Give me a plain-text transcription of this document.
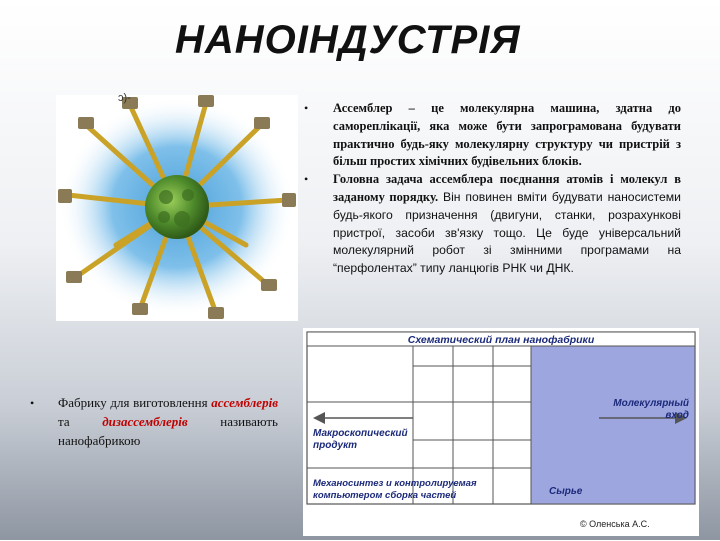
НАНОІНДУСТРІЯ
ɔ)-
• Ассемблер – це молекулярна машина, здатна до самореплікації, яка може бути запрограмована будувати практично будь-яку молекулярну структуру чи пристрій з більш простих хімічних будівельних блоків.
• Головна задача ассемблера поєднання атомів і молекул в заданому порядку. Він повинен вміти будувати наносистеми будь-якого призначення (двигуни, станки, розрахункові пристрої, засоби зв'язку тощо. Це буде універсальний молекулярний робот зі змінними програмами на “перфолентах” типу ланцюгів РНК чи ДНК.
•	Фабрику для виготовлення ассемблерів та дизассемблерів називають нанофабрикою
Схематический план нанофабрики
Макроскопический
продукт
Молекулярный
вход
Механосинтез и контролируемая
компьютером сборка частей	Сырье
© Оленська А.С.
